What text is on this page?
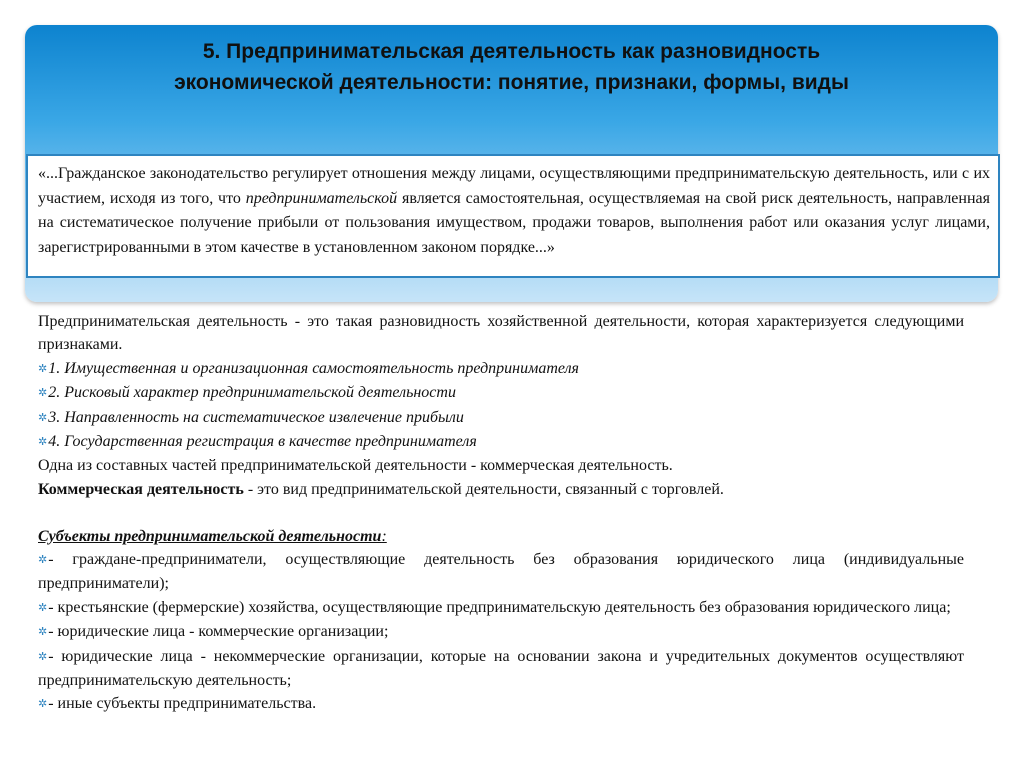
5. Предпринимательская деятельность как разновидность
экономической деятельности: понятие, признаки, формы, виды
«...Гражданское законодательство регулирует отношения между лицами, осуществляющими предпринимательскую деятельность, или с их участием, исходя из того, что предпринимательской является самостоятельная, осуществляемая на свой риск деятельность, направленная на систематическое получение прибыли от пользования имуществом, продажи товаров, выполнения работ или оказания услуг лицами, зарегистрированными в этом качестве в установленном законом порядке...»

Предпринимательская деятельность - это такая разновидность хозяйственной деятельности, которая характеризуется следующими признаками.

✲1. Имущественная и организационная самостоятельность предпринимателя

✲2. Рисковый характер предпринимательской деятельности

✲3. Направленность на систематическое извлечение прибыли

✲4. Государственная регистрация в качестве предпринимателя

Одна из составных частей предпринимательской деятельности - коммерческая деятельность.

Коммерческая деятельность - это вид предпринимательской деятельности, связанный с торговлей.

Субъекты предпринимательской деятельности:

✲- граждане-предприниматели, осуществляющие деятельность без образования юридического лица (индивидуальные предприниматели);

✲- крестьянские (фермерские) хозяйства, осуществляющие предпринимательскую деятельность без образования юридического лица;

✲- юридические лица - коммерческие организации;

✲- юридические лица - некоммерческие организации, которые на основании закона и учредительных документов осуществляют предпринимательскую деятельность;

✲- иные субъекты предпринимательства.
